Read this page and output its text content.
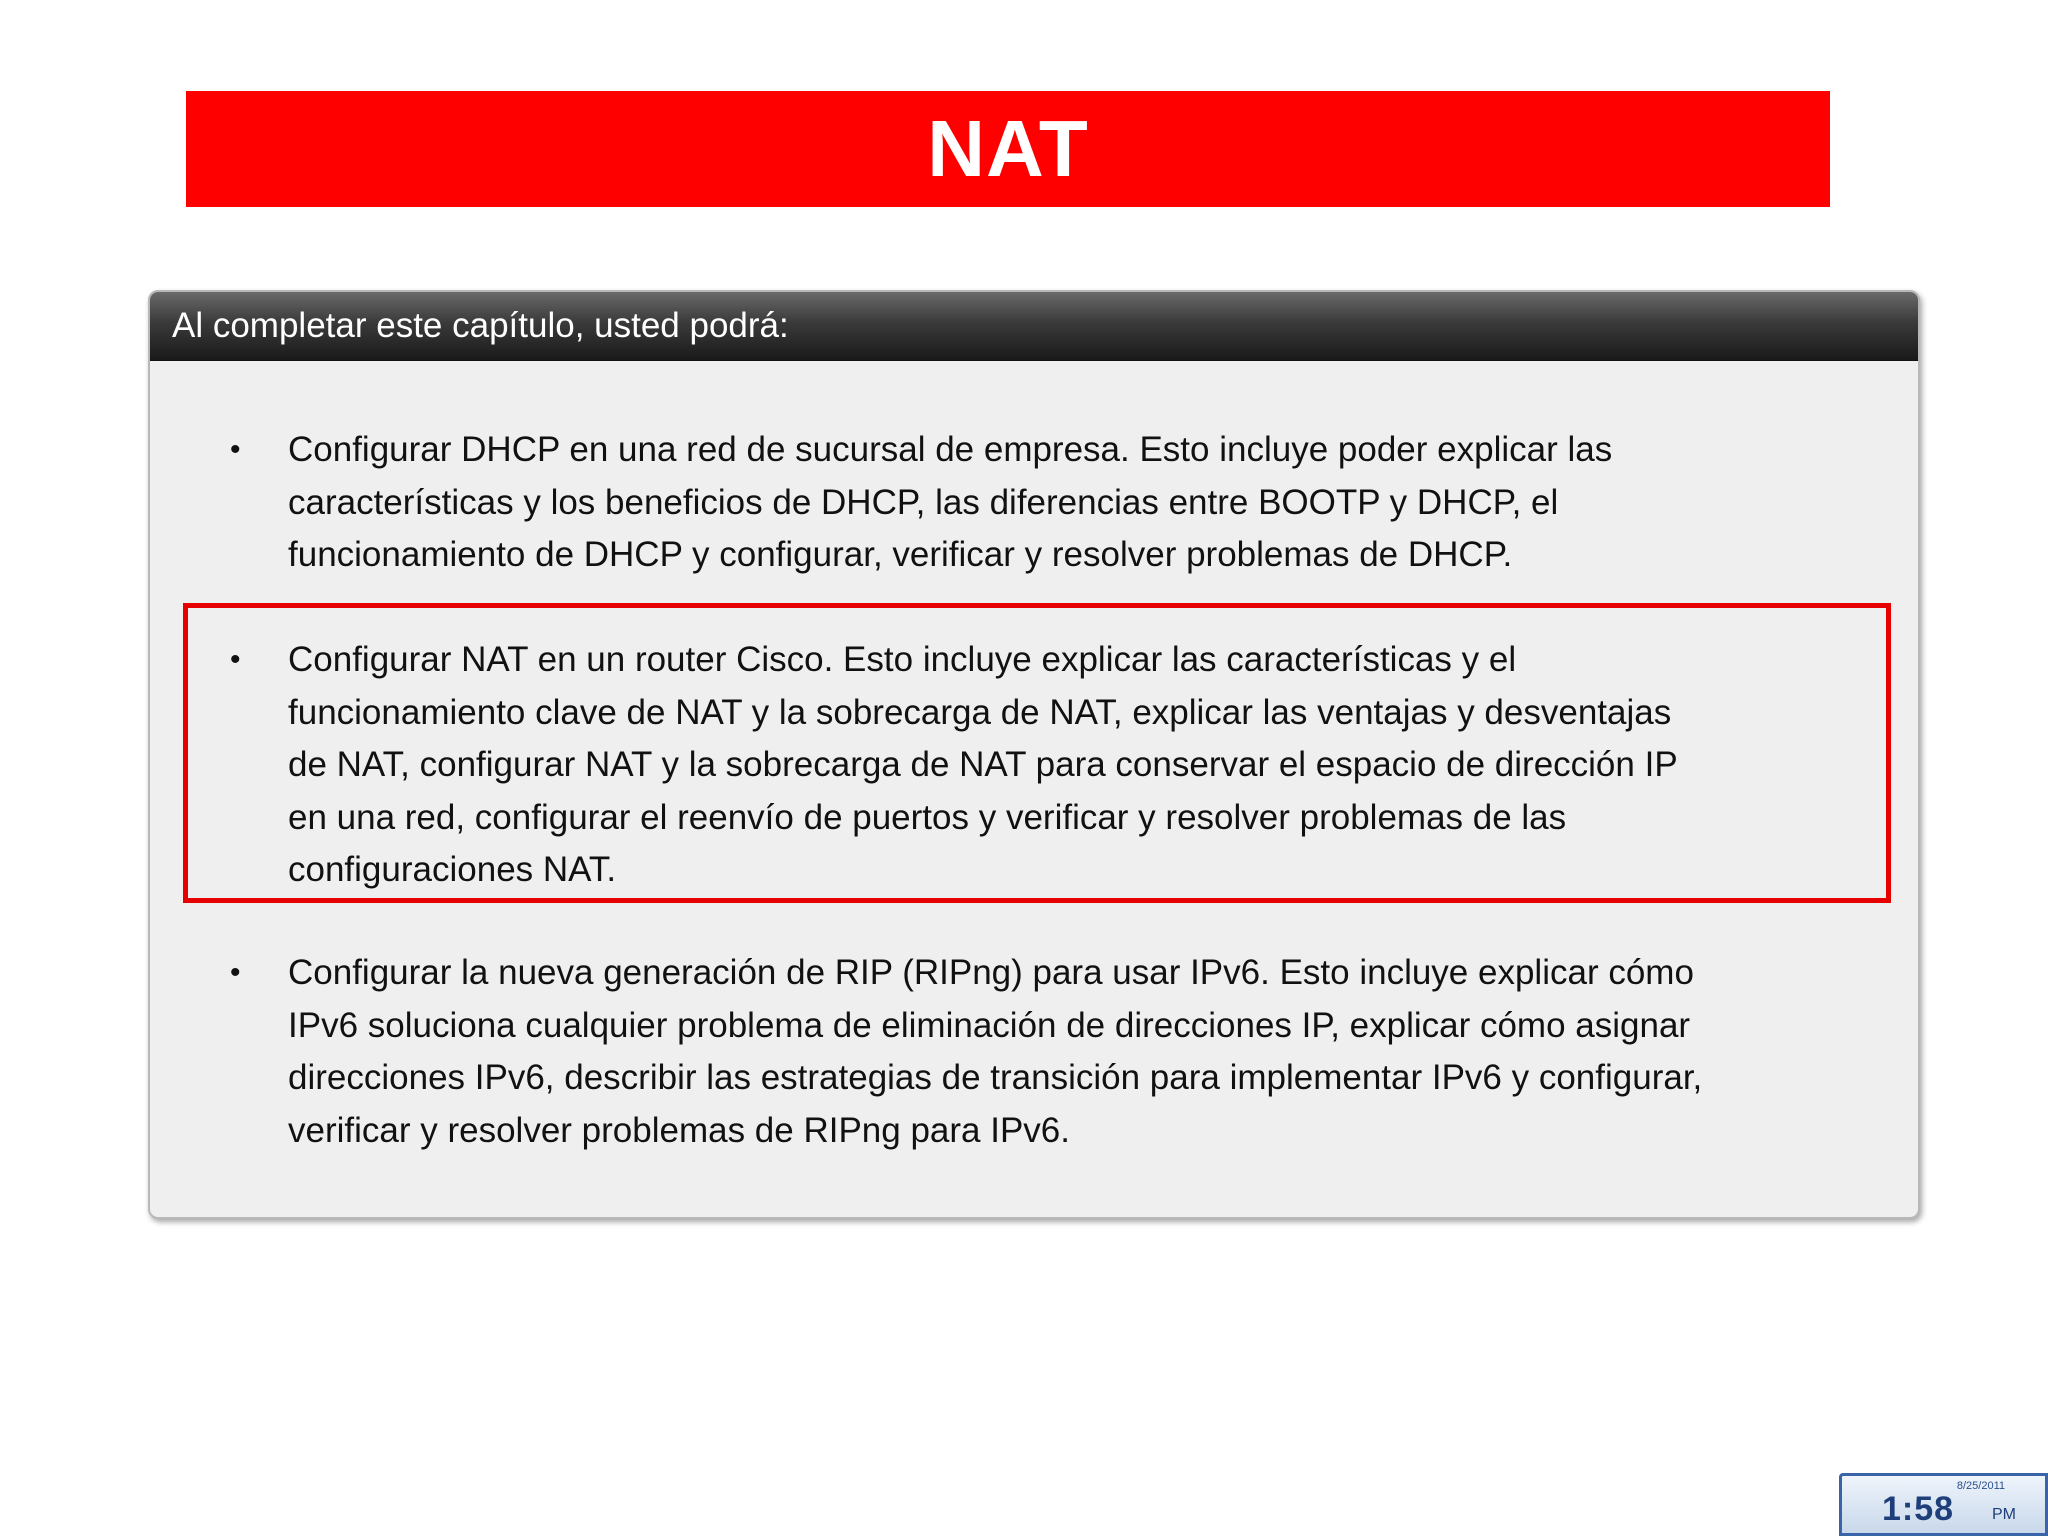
NAT
Al completar este capítulo, usted podrá:
• Configurar DHCP en una red de sucursal de empresa. Esto incluye poder explicar las
características y los beneficios de DHCP, las diferencias entre BOOTP y DHCP, el
funcionamiento de DHCP y configurar, verificar y resolver problemas de DHCP.
• Configurar NAT en un router Cisco. Esto incluye explicar las características y el
funcionamiento clave de NAT y la sobrecarga de NAT, explicar las ventajas y desventajas
de NAT, configurar NAT y la sobrecarga de NAT para conservar el espacio de dirección IP
en una red, configurar el reenvío de puertos y verificar y resolver problemas de las
configuraciones NAT.
• Configurar la nueva generación de RIP (RIPng) para usar IPv6. Esto incluye explicar cómo
IPv6 soluciona cualquier problema de eliminación de direcciones IP, explicar cómo asignar
direcciones IPv6, describir las estrategias de transición para implementar IPv6 y configurar,
verificar y resolver problemas de RIPng para IPv6.
8/25/2011
1:58 PM
